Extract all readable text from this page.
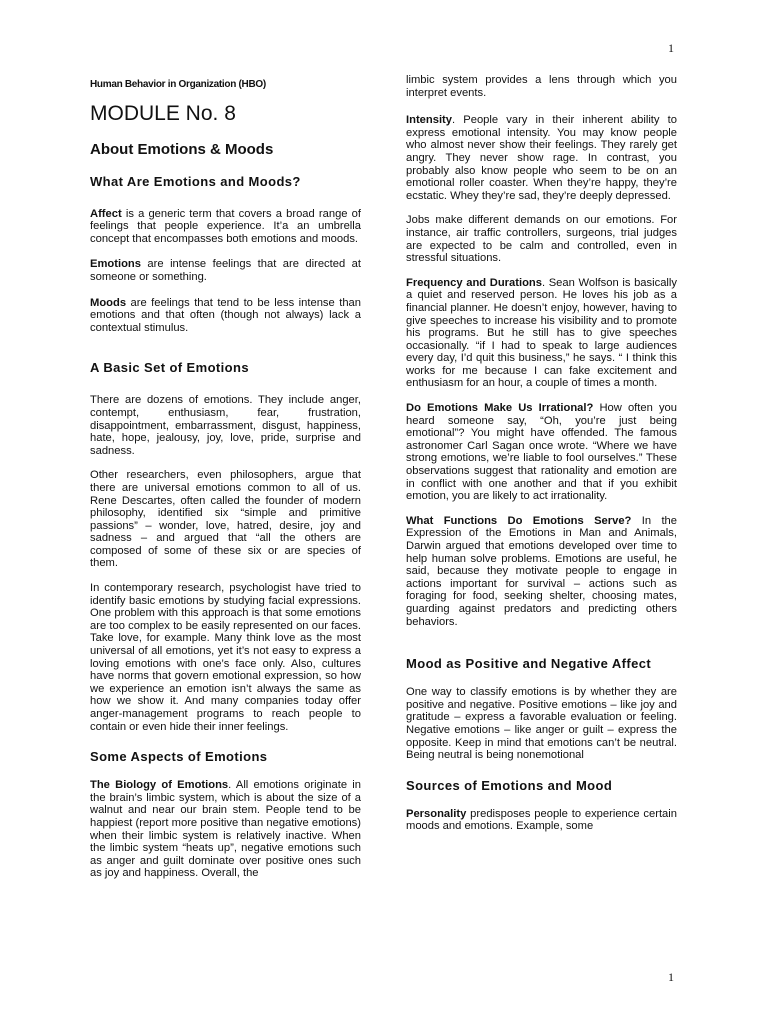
1
Human Behavior in Organization (HBO)
MODULE No. 8
About Emotions & Moods
What Are Emotions and Moods?

Affect is a generic term that covers a broad range of feelings that people experience. It’a an umbrella concept that encompasses both emotions and moods.

Emotions are intense feelings that are directed at someone or something.

Moods are feelings that tend to be less intense than emotions and that often (though not always) lack a contextual stimulus.

A Basic Set of Emotions

There are dozens of emotions. They include anger, contempt, enthusiasm, fear, frustration, disappointment, embarrassment, disgust, happiness, hate, hope, jealousy, joy, love, pride, surprise and sadness.

Other researchers, even philosophers, argue that there are universal emotions common to all of us. Rene Descartes, often called the founder of modern philosophy, identified six “simple and primitive passions” – wonder, love, hatred, desire, joy and sadness – and argued that “all the others are composed of some of these six or are species of them.

In contemporary research, psychologist have tried to identify basic emotions by studying facial expressions. One problem with this approach is that some emotions are too complex to be easily represented on our faces. Take love, for example. Many think love as the most universal of all emotions, yet it’s not easy to express a loving emotions with one’s face only. Also, cultures have norms that govern emotional expression, so how we experience an emotion isn’t always the same as how we show it. And many companies today offer anger-management programs to reach people to contain or even hide their inner feelings.

Some Aspects of Emotions

The Biology of Emotions. All emotions originate in the brain’s limbic system, which is about the size of a walnut and near our brain stem. People tend to be happiest (report more positive than negative emotions) when their limbic system is relatively inactive. When the limbic system “heats up”, negative emotions such as anger and guilt dominate over positive ones such as joy and happiness. Overall, the

limbic system provides a lens through which you interpret events.

Intensity. People vary in their inherent ability to express emotional intensity. You may know people who almost never show their feelings. They rarely get angry. They never show rage. In contrast, you probably also know people who seem to be on an emotional roller coaster. When they’re happy, they’re ecstatic. Whey they’re sad, they’re deeply depressed.

Jobs make different demands on our emotions. For instance, air traffic controllers, surgeons, trial judges are expected to be calm and controlled, even in stressful situations.

Frequency and Durations. Sean Wolfson is basically a quiet and reserved person. He loves his job as a financial planner. He doesn’t enjoy, however, having to give speeches to increase his visibility and to promote his programs. But he still has to give speeches occasionally. “if I had to speak to large audiences every day, I’d quit this business,” he says. “ I think this works for me because I can fake excitement and enthusiasm for an hour, a couple of times a month.

Do Emotions Make Us Irrational? How often you heard someone say, “Oh, you’re just being emotional”? You might have offended. The famous astronomer Carl Sagan once wrote. “Where we have strong emotions, we’re liable to fool ourselves.” These observations suggest that rationality and emotion are in conflict with one another and that if you exhibit emotion, you are likely to act irrationality.

What Functions Do Emotions Serve? In the Expression of the Emotions in Man and Animals, Darwin argued that emotions developed over time to help human solve problems. Emotions are useful, he said, because they motivate people to engage in actions important for survival – actions such as foraging for food, seeking shelter, choosing mates, guarding against predators and predicting others behaviors.

Mood as Positive and Negative Affect

One way to classify emotions is by whether they are positive and negative. Positive emotions – like joy and gratitude – express a favorable evaluation or feeling. Negative emotions – like anger or guilt – express the opposite. Keep in mind that emotions can’t be neutral. Being neutral is being nonemotional

Sources of Emotions and Mood

Personality predisposes people to experience certain moods and emotions. Example, some

1
